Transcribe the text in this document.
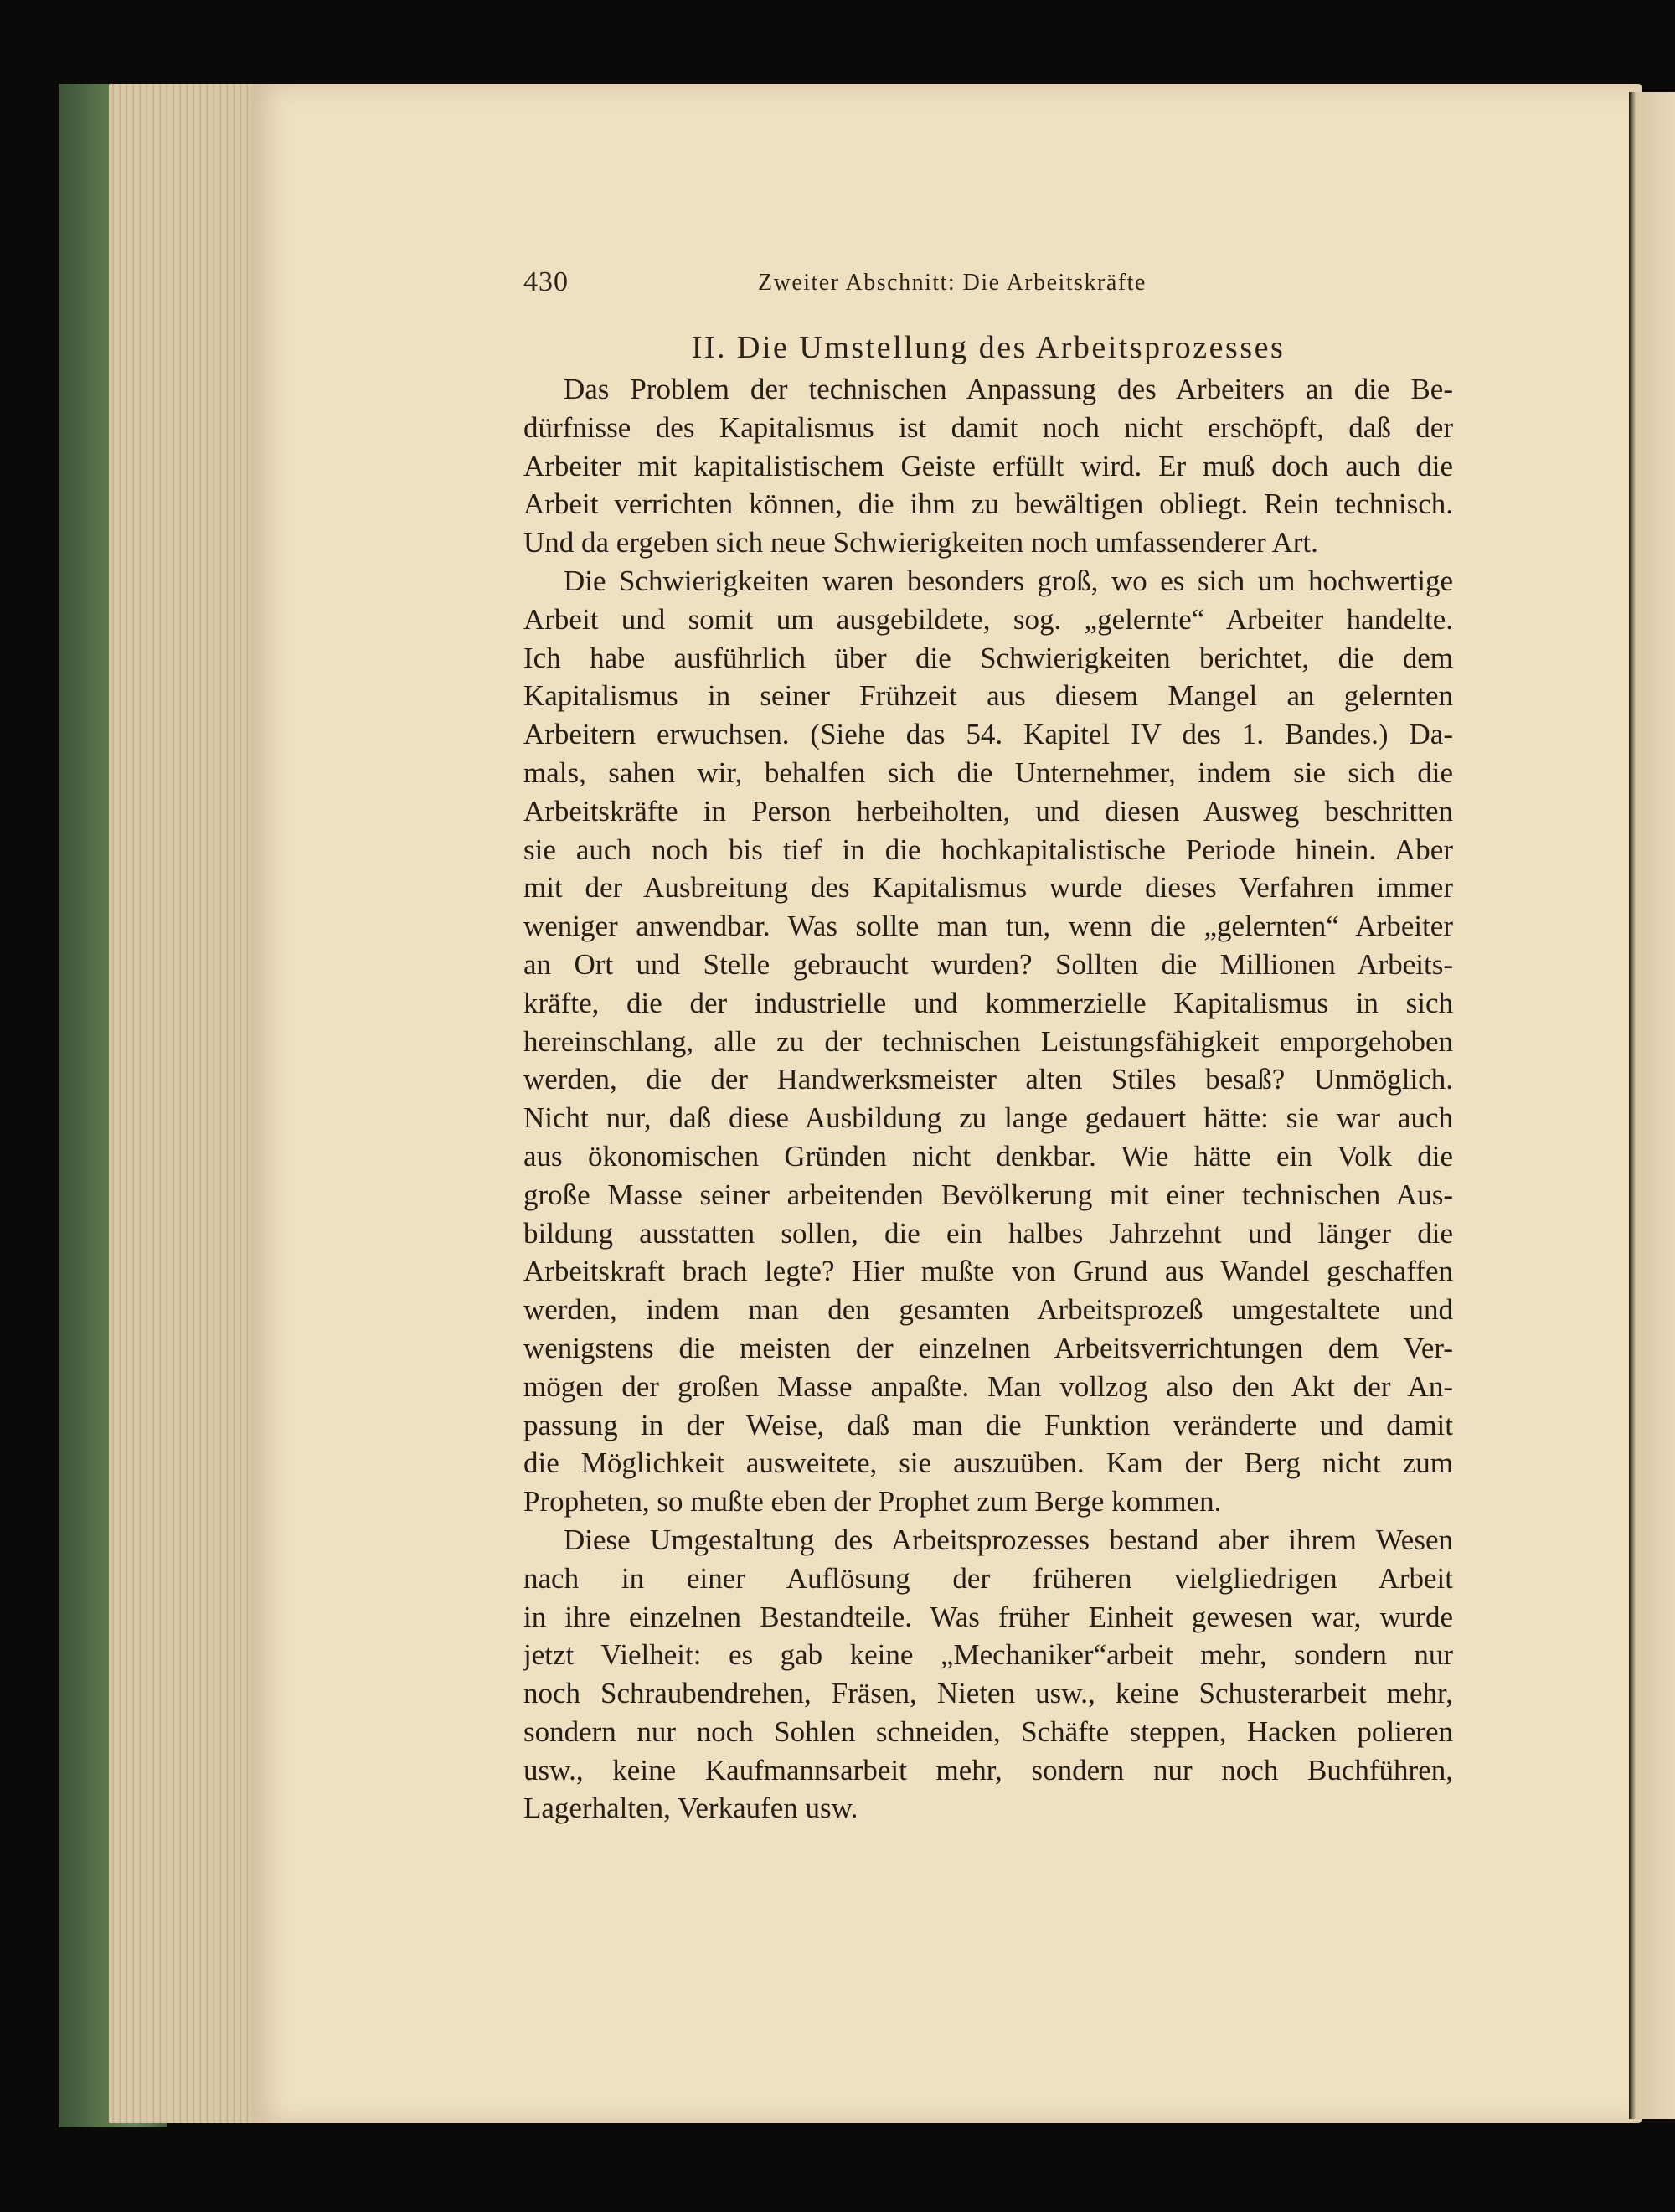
430	Zweiter Abschnitt: Die Arbeitskräfte
II. Die Umstellung des Arbeitsprozesses
Das Problem der technischen Anpassung des Arbeiters an die Be-
dürfnisse des Kapitalismus ist damit noch nicht erschöpft, daß der
Arbeiter mit kapitalistischem Geiste erfüllt wird. Er muß doch auch die
Arbeit verrichten können, die ihm zu bewältigen obliegt. Rein technisch.
Und da ergeben sich neue Schwierigkeiten noch umfassenderer Art.
Die Schwierigkeiten waren besonders groß, wo es sich um hochwertige
Arbeit und somit um ausgebildete, sog. „gelernte“ Arbeiter handelte.
Ich habe ausführlich über die Schwierigkeiten berichtet, die dem
Kapitalismus in seiner Frühzeit aus diesem Mangel an gelernten
Arbeitern erwuchsen. (Siehe das 54. Kapitel IV des 1. Bandes.) Da-
mals, sahen wir, behalfen sich die Unternehmer, indem sie sich die
Arbeitskräfte in Person herbeiholten, und diesen Ausweg beschritten
sie auch noch bis tief in die hochkapitalistische Periode hinein. Aber
mit der Ausbreitung des Kapitalismus wurde dieses Verfahren immer
weniger anwendbar. Was sollte man tun, wenn die „gelernten“ Arbeiter
an Ort und Stelle gebraucht wurden? Sollten die Millionen Arbeits-
kräfte, die der industrielle und kommerzielle Kapitalismus in sich
hereinschlang, alle zu der technischen Leistungsfähigkeit emporgehoben
werden, die der Handwerksmeister alten Stiles besaß? Unmöglich.
Nicht nur, daß diese Ausbildung zu lange gedauert hätte: sie war auch
aus ökonomischen Gründen nicht denkbar. Wie hätte ein Volk die
große Masse seiner arbeitenden Bevölkerung mit einer technischen Aus-
bildung ausstatten sollen, die ein halbes Jahrzehnt und länger die
Arbeitskraft brach legte? Hier mußte von Grund aus Wandel geschaffen
werden, indem man den gesamten Arbeitsprozeß umgestaltete und
wenigstens die meisten der einzelnen Arbeitsverrichtungen dem Ver-
mögen der großen Masse anpaßte. Man vollzog also den Akt der An-
passung in der Weise, daß man die Funktion veränderte und damit
die Möglichkeit ausweitete, sie auszuüben. Kam der Berg nicht zum
Propheten, so mußte eben der Prophet zum Berge kommen.
Diese Umgestaltung des Arbeitsprozesses bestand aber ihrem Wesen
nach in einer Auflösung der früheren vielgliedrigen Arbeit
in ihre einzelnen Bestandteile. Was früher Einheit gewesen war, wurde
jetzt Vielheit: es gab keine „Mechaniker“arbeit mehr, sondern nur
noch Schraubendrehen, Fräsen, Nieten usw., keine Schusterarbeit mehr,
sondern nur noch Sohlen schneiden, Schäfte steppen, Hacken polieren
usw., keine Kaufmannsarbeit mehr, sondern nur noch Buchführen,
Lagerhalten, Verkaufen usw.
